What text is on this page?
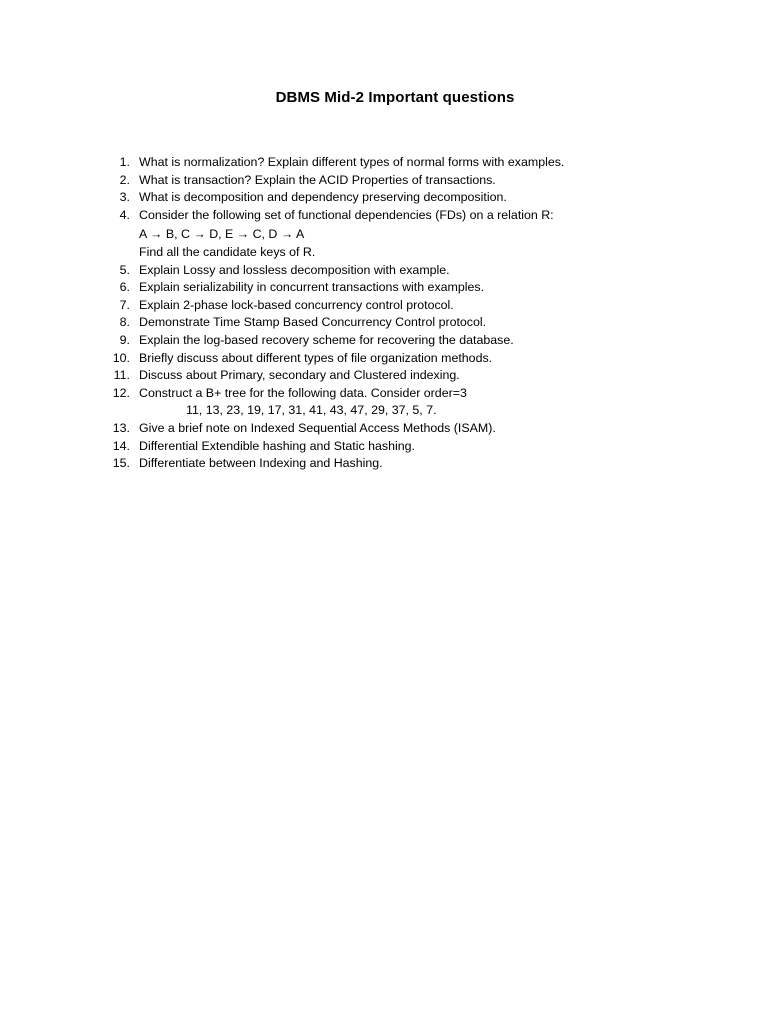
DBMS Mid-2 Important questions
1 . What is normalization? Explain different types of normal forms with examples.
2 . What is transaction? Explain the ACID Properties of transactions.
3 . What is decomposition and dependency preserving decomposition.
4 . Consider the following set of functional dependencies (FDs) on a relation R:
A → B, C → D, E → C, D → A
Find all the candidate keys of R.
5 . Explain Lossy and lossless decomposition with example.
6 . Explain serializability in concurrent transactions with examples.
7 . Explain 2-phase lock-based concurrency control protocol.
8 . Demonstrate Time Stamp Based Concurrency Control protocol.
9 . Explain the log-based recovery scheme for recovering the database.
10 . Briefly discuss about different types of file organization methods.
11 . Discuss about Primary, secondary and Clustered indexing.
12 . Construct a B+ tree for the following data. Consider order=3
11, 13, 23, 19, 17, 31, 41, 43, 47, 29, 37, 5, 7.
13 . Give a brief note on Indexed Sequential Access Methods (ISAM).
14 . Differential Extendible hashing and Static hashing.
15 . Differentiate between Indexing and Hashing.
